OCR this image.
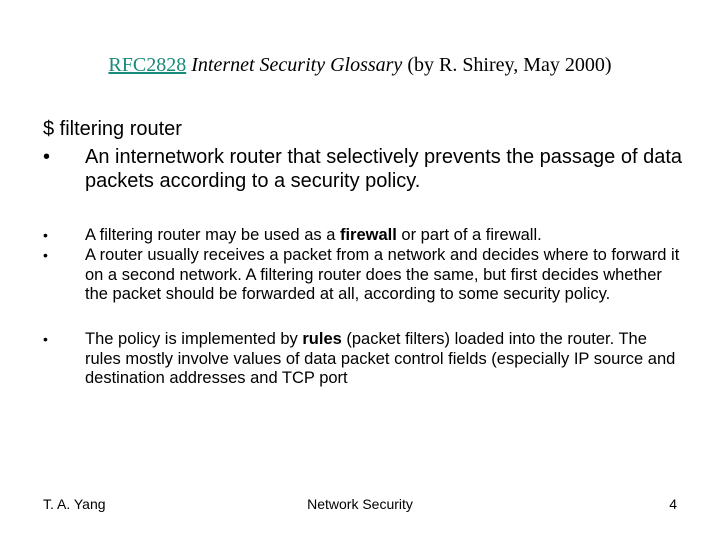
RFC2828 Internet Security Glossary (by R. Shirey, May 2000)
$ filtering router
• An internetwork router that selectively prevents the passage of data packets according to a security policy.
• A filtering router may be used as a firewall or part of a firewall.
• A router usually receives a packet from a network and decides where to forward it on a second network. A filtering router does the same, but first decides whether the packet should be forwarded at all, according to some security policy.
• The policy is implemented by rules (packet filters) loaded into the router. The rules mostly involve values of data packet control fields (especially IP source and destination addresses and TCP port
T. A. Yang	Network Security	4
